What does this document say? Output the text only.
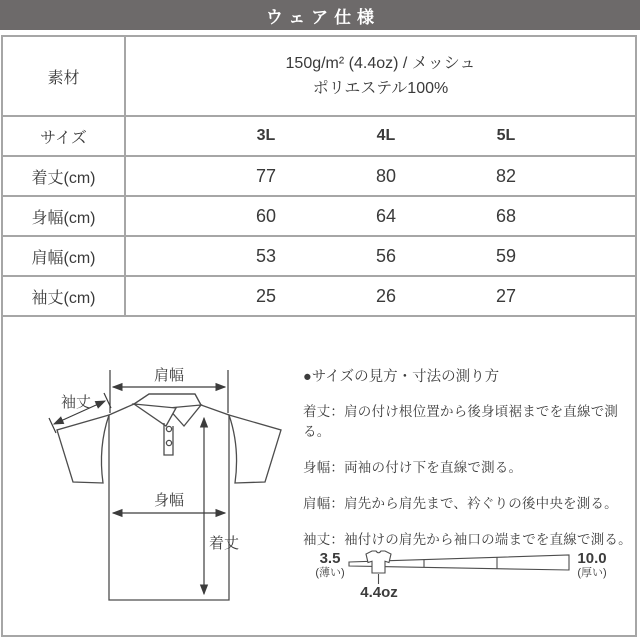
ウェア仕様
素材
150g/m² (4.4oz) / メッシュ
ポリエステル100%
サイズ	3L	4L	5L
着丈(cm)	77	80	82
身幅(cm)	60	64	68
肩幅(cm)	53	56	59
袖丈(cm)	25	26	27
肩幅
袖丈
身幅
着丈
3.5
(薄い)
10.0
(厚い)
4.4oz
●サイズの見方・寸法の測り方
着丈：肩の付け根位置から後身頃裾までを直線で測る。
身幅：両袖の付け下を直線で測る。
肩幅：肩先から肩先まで、衿ぐりの後中央を測る。
袖丈：袖付けの肩先から袖口の端までを直線で測る。
